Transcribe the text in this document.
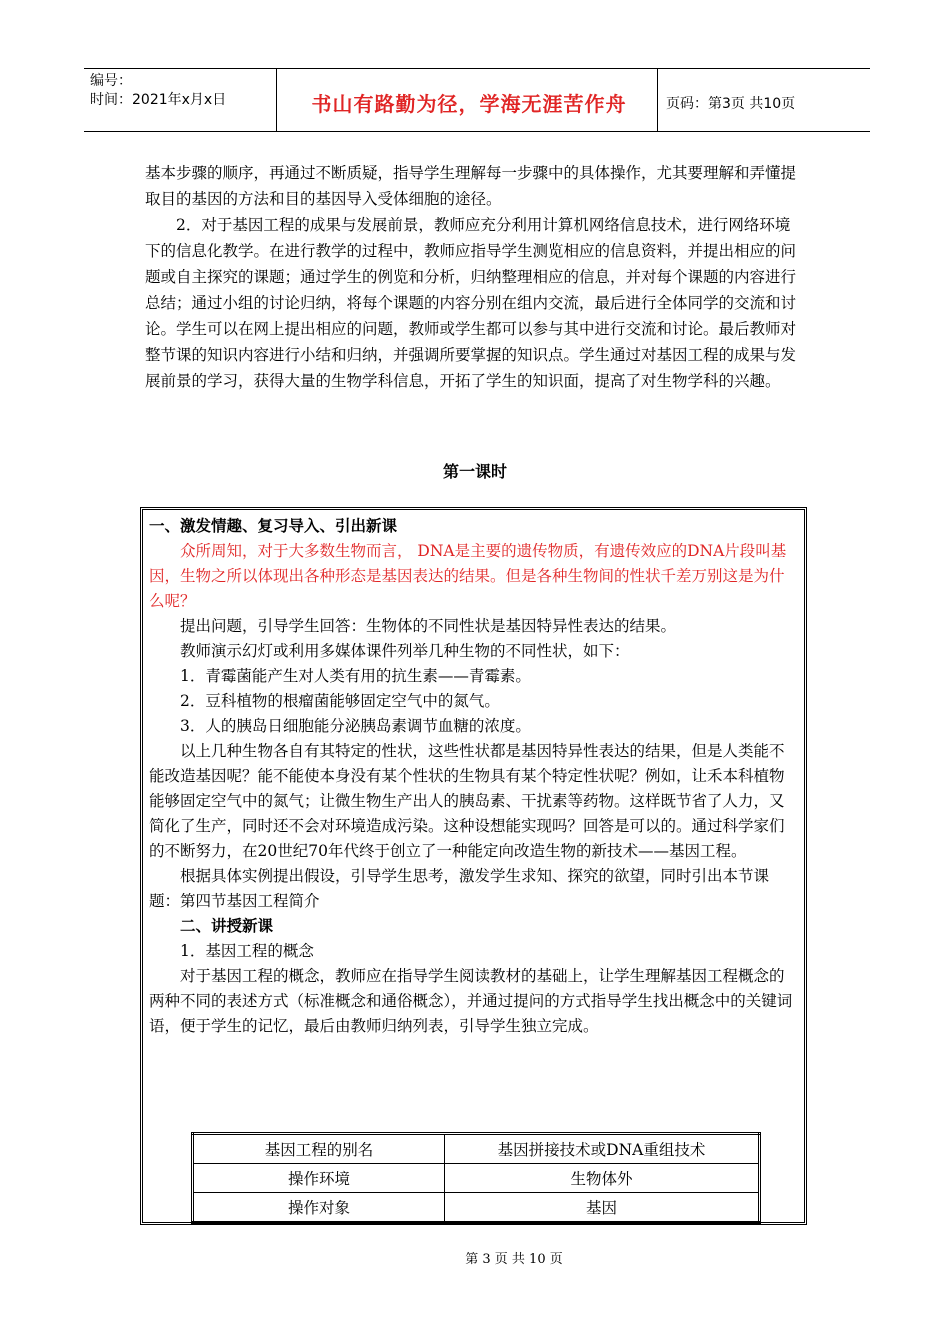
编号：
时间：2021年x月x日	书山有路勤为径，学海无涯苦作舟	页码：第3页 共10页

基本步骤的顺序，再通过不断质疑，指导学生理解每一步骤中的具体操作，尤其要理解和弄懂提取目的基因的方法和目的基因导入受体细胞的途径。

2．对于基因工程的成果与发展前景，教师应充分利用计算机网络信息技术，进行网络环境下的信息化教学。在进行教学的过程中，教师应指导学生测览相应的信息资料，并提出相应的问题或自主探究的课题；通过学生的例览和分析，归纳整理相应的信息，并对每个课题的内容进行总结；通过小组的讨论归纳，将每个课题的内容分别在组内交流，最后进行全体同学的交流和讨论。学生可以在网上提出相应的问题，教师或学生都可以参与其中进行交流和讨论。最后教师对整节课的知识内容进行小结和归纳，并强调所要掌握的知识点。学生通过对基因工程的成果与发展前景的学习，获得大量的生物学科信息，开拓了学生的知识面，提高了对生物学科的兴趣。

第一课时

一、激发情趣、复习导入、引出新课

众所周知，对于大多数生物而言， DNA是主要的遗传物质，有遗传效应的DNA片段叫基因，生物之所以体现出各种形态是基因表达的结果。但是各种生物间的性状千差万别这是为什么呢？

提出问题，引导学生回答：生物体的不同性状是基因特异性表达的结果。

教师演示幻灯或利用多媒体课件列举几种生物的不同性状，如下：

1．青霉菌能产生对人类有用的抗生素——青霉素。

2．豆科植物的根瘤菌能够固定空气中的氮气。

3．人的胰岛日细胞能分泌胰岛素调节血糖的浓度。

以上几种生物各自有其特定的性状，这些性状都是基因特异性表达的结果，但是人类能不能改造基因呢？能不能使本身没有某个性状的生物具有某个特定性状呢？例如，让禾本科植物能够固定空气中的氮气；让微生物生产出人的胰岛素、干扰素等药物。这样既节省了人力，又简化了生产，同时还不会对环境造成污染。这种设想能实现吗？回答是可以的。通过科学家们的不断努力，在20世纪70年代终于创立了一种能定向改造生物的新技术——基因工程。

根据具体实例提出假设，引导学生思考，激发学生求知、探究的欲望，同时引出本节课题：第四节基因工程简介

二、讲授新课

1．基因工程的概念

对于基因工程的概念，教师应在指导学生阅读教材的基础上，让学生理解基因工程概念的两种不同的表述方式（标准概念和通俗概念），并通过提问的方式指导学生找出概念中的关键词语，便于学生的记忆，最后由教师归纳列表，引导学生独立完成。

基因工程的别名	基因拼接技术或DNA重组技术
操作环境	生物体外
操作对象	基因
第 3 页 共 10 页
